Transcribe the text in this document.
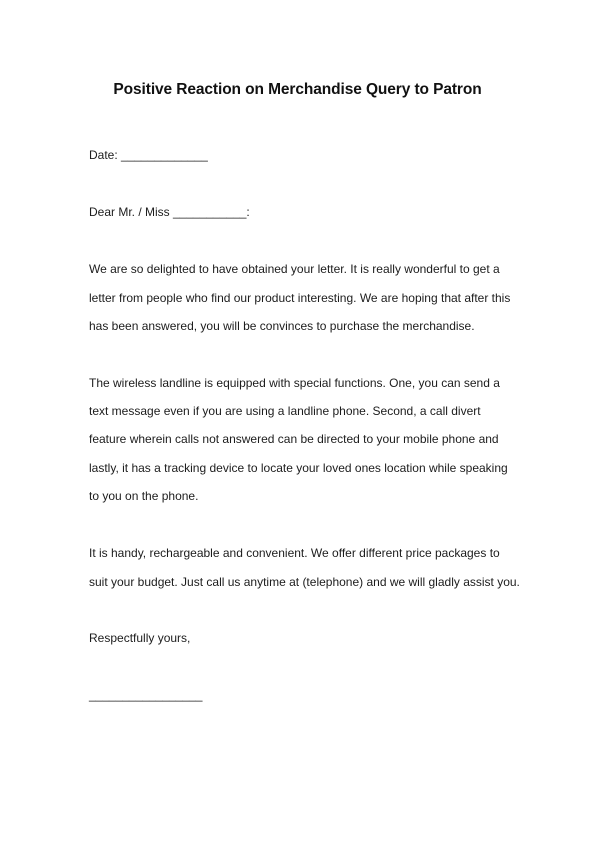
Positive Reaction on Merchandise Query to Patron
Date: _____________
Dear Mr. / Miss ___________:
We are so delighted to have obtained your letter. It is really wonderful to get a
letter from people who find our product interesting. We are hoping that after this
has been answered, you will be convinces to purchase the merchandise.
The wireless landline is equipped with special functions. One, you can send a
text message even if you are using a landline phone. Second, a call divert
feature wherein calls not answered can be directed to your mobile phone and
lastly, it has a tracking device to locate your loved ones location while speaking
to you on the phone.
It is handy, rechargeable and convenient. We offer different price packages to
suit your budget. Just call us anytime at (telephone) and we will gladly assist you.
Respectfully yours,
_________________
